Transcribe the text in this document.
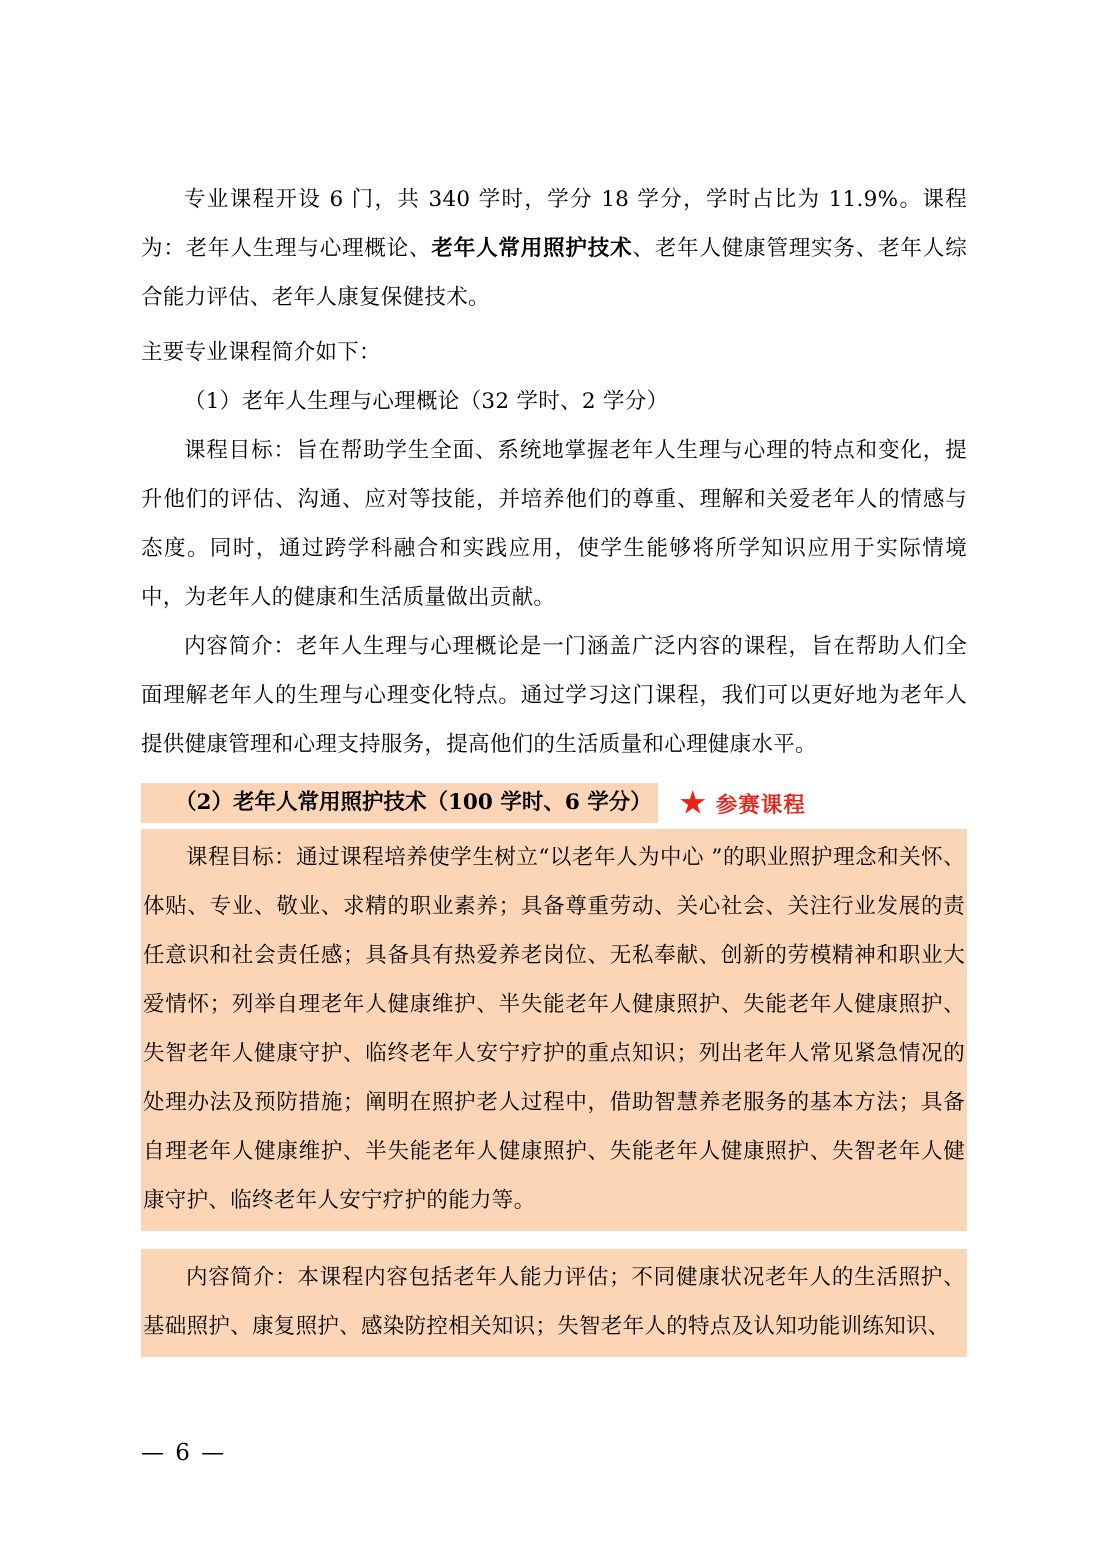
专业课程开设 6 门，共 340 学时，学分 18 学分，学时占比为 11.9%。课程为：老年人生理与心理概论、老年人常用照护技术、老年人健康管理实务、老年人综合能力评估、老年人康复保健技术。

主要专业课程简介如下：

（1）老年人生理与心理概论（32 学时、2 学分）

课程目标：旨在帮助学生全面、系统地掌握老年人生理与心理的特点和变化，提升他们的评估、沟通、应对等技能，并培养他们的尊重、理解和关爱老年人的情感与态度。同时，通过跨学科融合和实践应用，使学生能够将所学知识应用于实际情境中，为老年人的健康和生活质量做出贡献。

内容简介：老年人生理与心理概论是一门涵盖广泛内容的课程，旨在帮助人们全面理解老年人的生理与心理变化特点。通过学习这门课程，我们可以更好地为老年人提供健康管理和心理支持服务，提高他们的生活质量和心理健康水平。

（2）老年人常用照护技术（100 学时、6 学分）	参赛课程

课程目标：通过课程培养使学生树立“以老年人为中心 ”的职业照护理念和关怀、体贴、专业、敬业、求精的职业素养；具备尊重劳动、关心社会、关注行业发展的责任意识和社会责任感；具备具有热爱养老岗位、无私奉献、创新的劳模精神和职业大爱情怀；列举自理老年人健康维护、半失能老年人健康照护、失能老年人健康照护、失智老年人健康守护、临终老年人安宁疗护的重点知识；列出老年人常见紧急情况的处理办法及预防措施；阐明在照护老人过程中，借助智慧养老服务的基本方法；具备自理老年人健康维护、半失能老年人健康照护、失能老年人健康照护、失智老年人健康守护、临终老年人安宁疗护的能力等。

内容简介：本课程内容包括老年人能力评估；不同健康状况老年人的生活照护、基础照护、康复照护、感染防控相关知识；失智老年人的特点及认知功能训练知识、

— 6 —
